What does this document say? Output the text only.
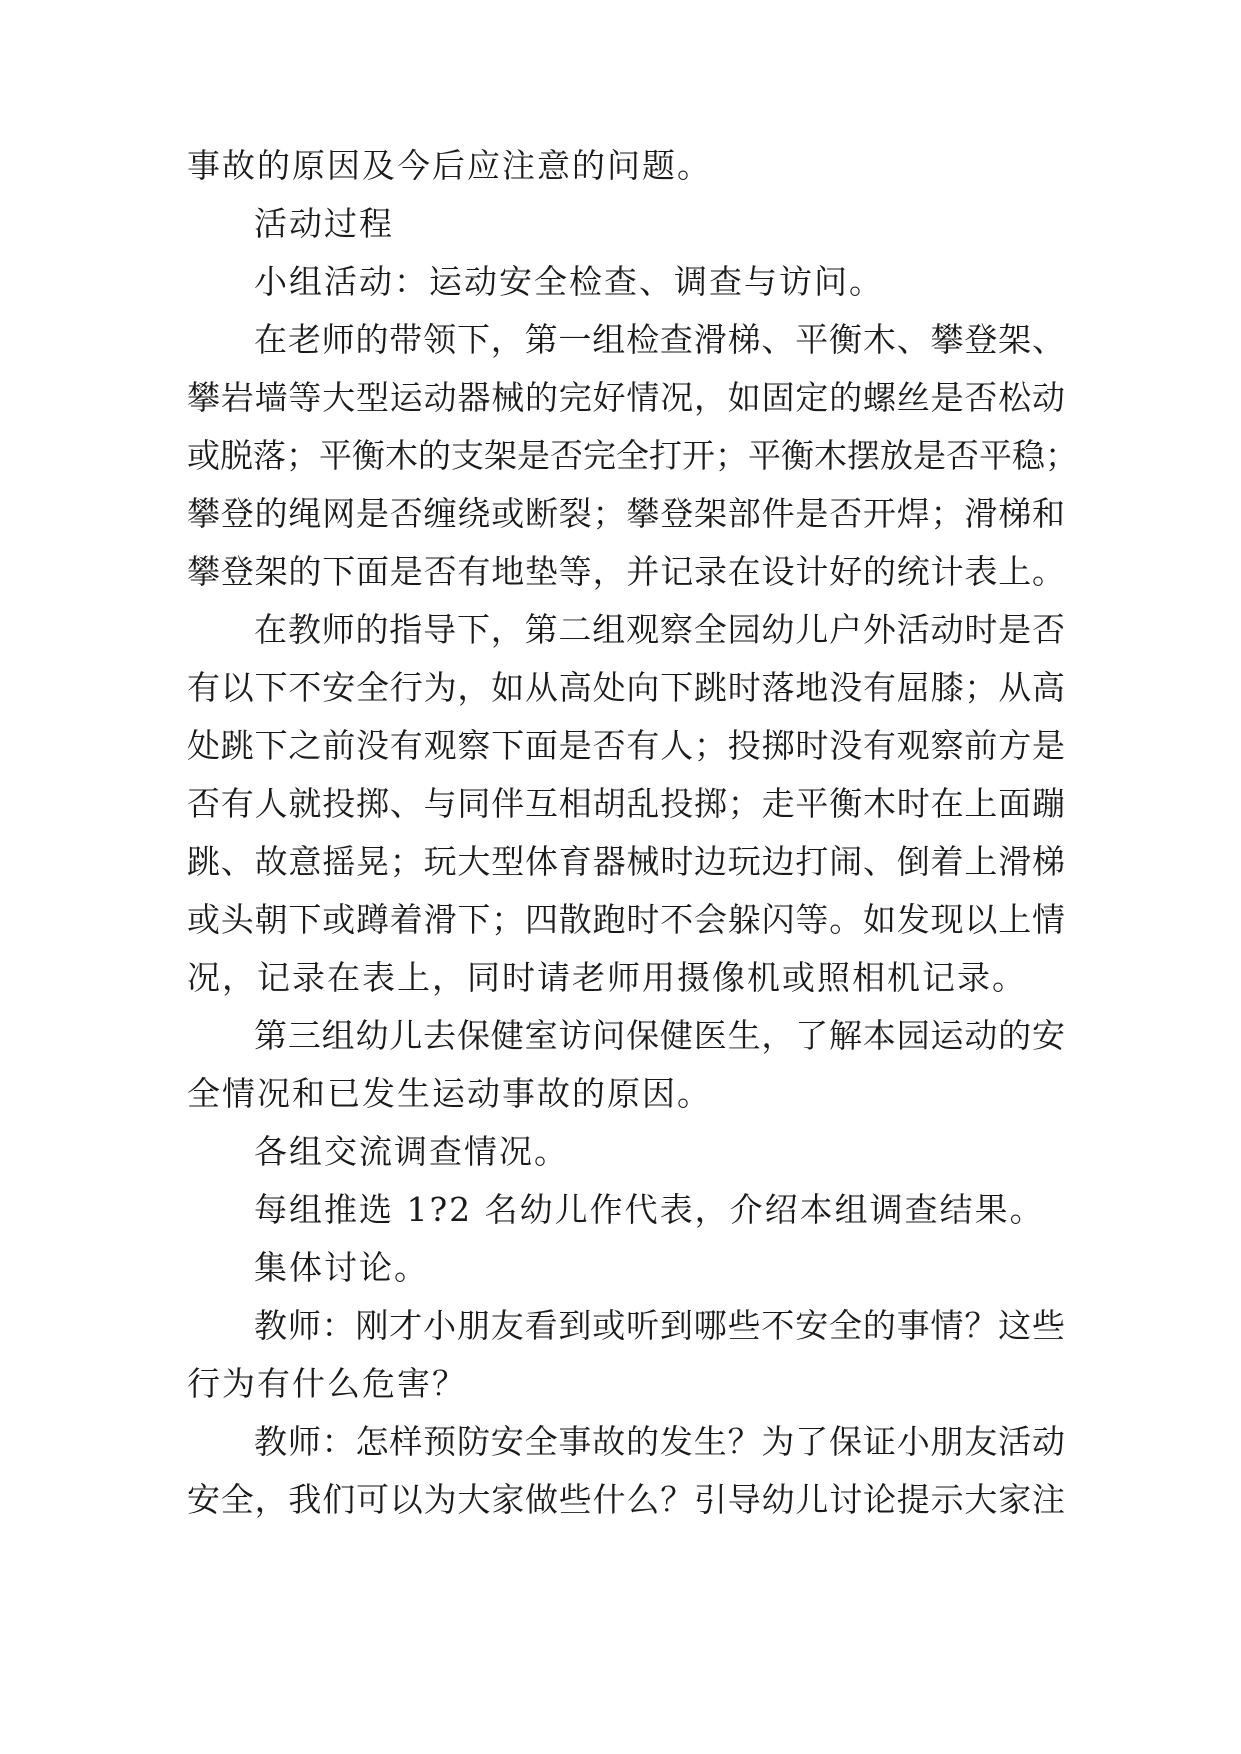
事故的原因及今后应注意的问题。
活动过程
小组活动：运动安全检查、调查与访问。
在老师的带领下，第一组检查滑梯、平衡木、攀登架、
攀岩墙等大型运动器械的完好情况，如固定的螺丝是否松动
或脱落；平衡木的支架是否完全打开；平衡木摆放是否平稳；
攀登的绳网是否缠绕或断裂；攀登架部件是否开焊；滑梯和
攀登架的下面是否有地垫等，并记录在设计好的统计表上。
在教师的指导下，第二组观察全园幼儿户外活动时是否
有以下不安全行为，如从高处向下跳时落地没有屈膝；从高
处跳下之前没有观察下面是否有人；投掷时没有观察前方是
否有人就投掷、与同伴互相胡乱投掷；走平衡木时在上面蹦
跳、故意摇晃；玩大型体育器械时边玩边打闹、倒着上滑梯
或头朝下或蹲着滑下；四散跑时不会躲闪等。如发现以上情
况，记录在表上，同时请老师用摄像机或照相机记录。
第三组幼儿去保健室访问保健医生，了解本园运动的安
全情况和已发生运动事故的原因。
各组交流调查情况。
每组推选 1?2 名幼儿作代表，介绍本组调查结果。
集体讨论。
教师：刚才小朋友看到或听到哪些不安全的事情？这些
行为有什么危害？
教师：怎样预防安全事故的发生？为了保证小朋友活动
安全，我们可以为大家做些什么？引导幼儿讨论提示大家注
